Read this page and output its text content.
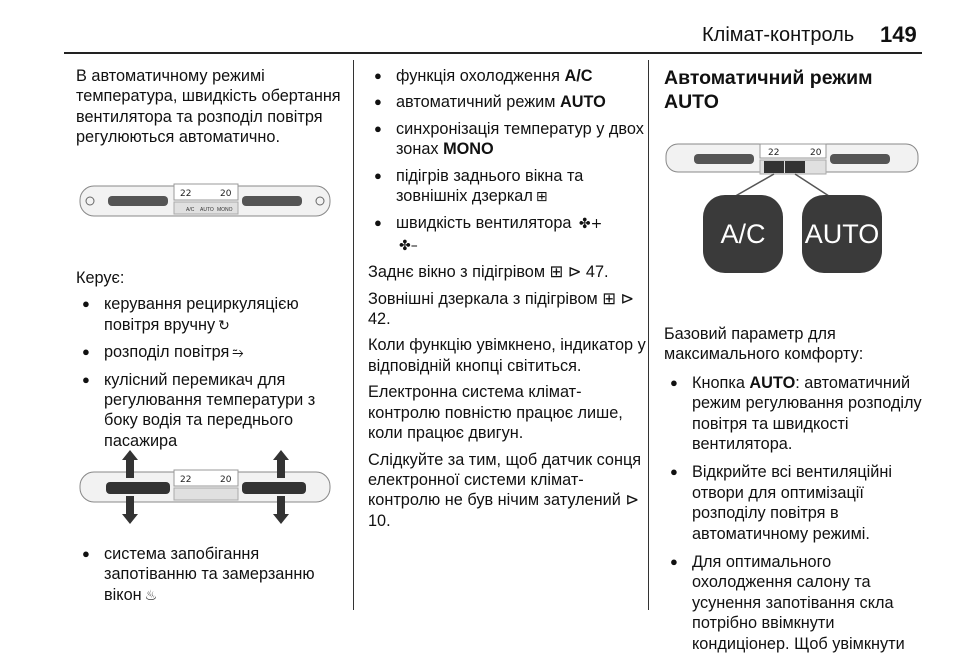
Клімат-контроль 149

В автоматичному режимі температура, швидкість обертання вентилятора та розподіл повітря регулюються автоматично.

22	20
A/C AUTO MONO

Керує:

● керування рециркуляцією повітря вручну ↻

● розподіл повітря ⥲

● кулісний перемикач для регулювання температури з боку водія та переднього пасажира

22	20

● система запобігання запотіванню та замерзанню вікон ♨

● функція охолодження A/C

● автоматичний режим AUTO

● синхронізація температур у двох зонах MONO

● підігрів заднього вікна та зовнішніх дзеркал ⊞

● швидкість вентилятора ✤+
✤–

Заднє вікно з підігрівом ⊞ ⊳ 47.

Зовнішні дзеркала з підігрівом ⊞ ⊳ 42.

Коли функцію увімкнено, індикатор у відповідній кнопці світиться.

Електронна система клімат-контролю повністю працює лише, коли працює двигун.

Слідкуйте за тим, щоб датчик сонця електронної системи клімат-контролю не був нічим затулений ⊳ 10.

Автоматичний режим AUTO

22	20
A/C	AUTO

Базовий параметр для максимального комфорту:

● Кнопка AUTO: автоматичний режим регулювання розподілу повітря та швидкості вентилятора.

● Відкрийте всі вентиляційні отвори для оптимізації розподілу повітря в автоматичному режимі.

● Для оптимального охолодження салону та усунення запотівання скла потрібно ввімкнути кондиціонер. Щоб увімкнути
